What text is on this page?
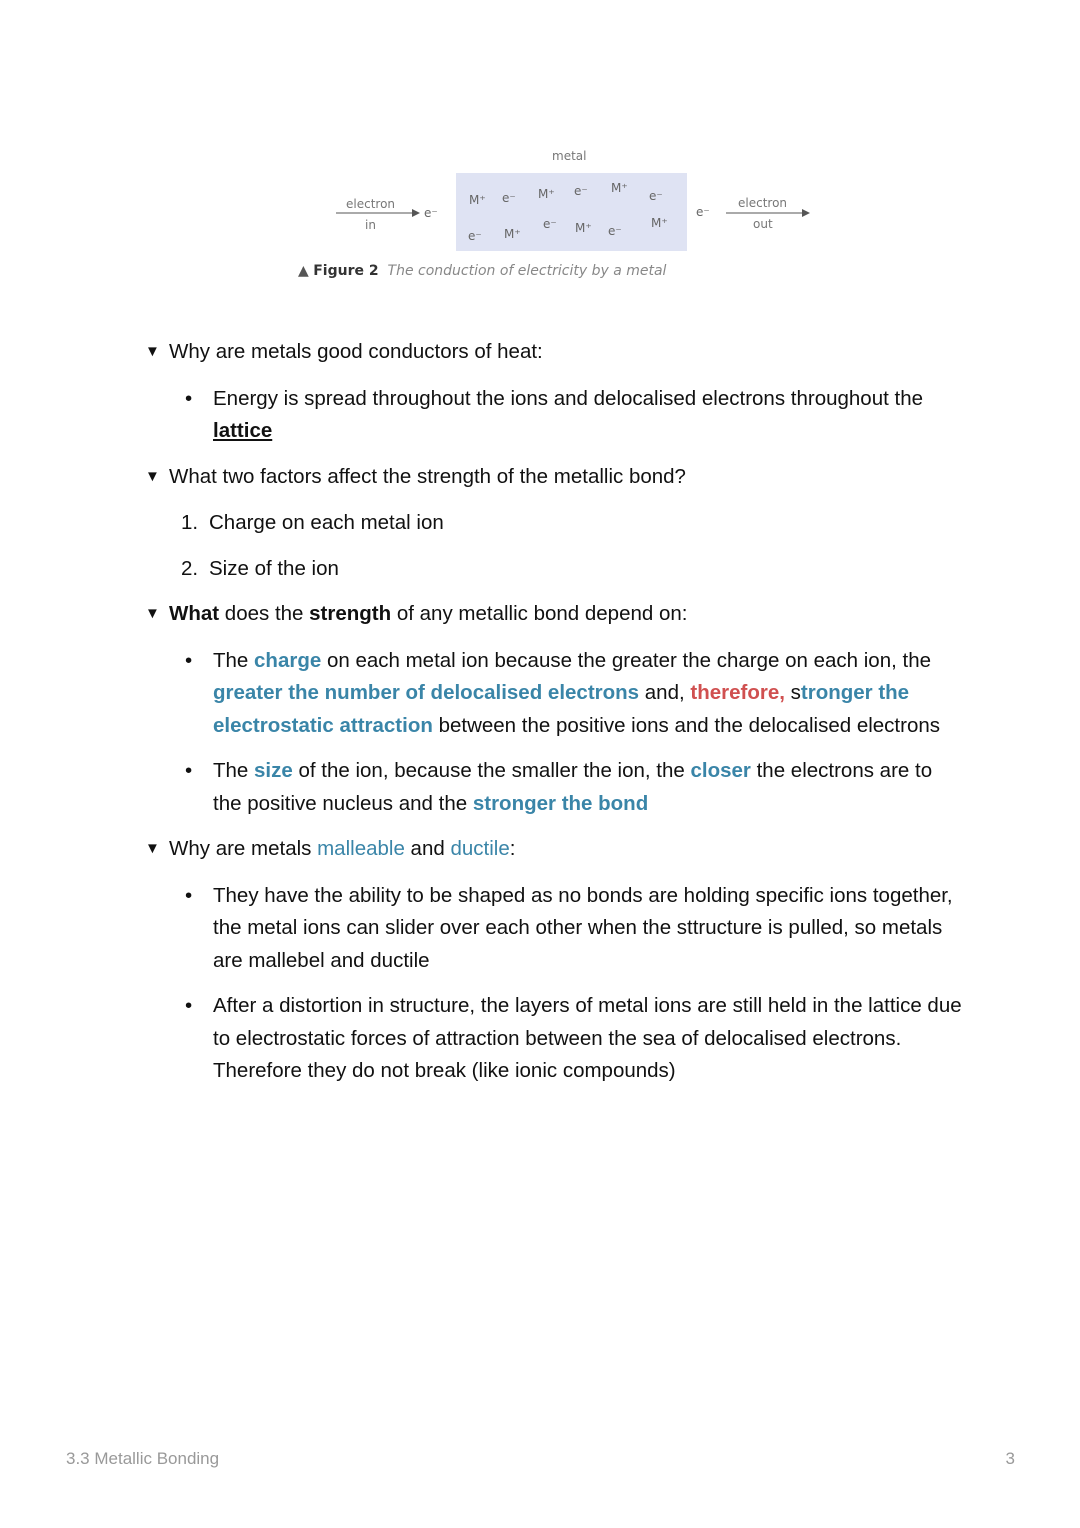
metal
electron
in
e⁻
M⁺ e⁻ M⁺ e⁻ M⁺
e⁻
e⁻ M⁺
e⁻ M⁺ e⁻
M⁺
e⁻
electron
out
▲ Figure 2 The conduction of electricity by a metal
▼ Why are metals good conductors of heat:
•	Energy is spread throughout the ions and delocalised electrons throughout the lattice
▼ What two factors affect the strength of the metallic bond?
1. Charge on each metal ion
2. Size of the ion
▼ What does the strength of any metallic bond depend on:
•	The charge on each metal ion because the greater the charge on each ion, the greater the number of delocalised electrons and, therefore, stronger the electrostatic attraction between the positive ions and the delocalised electrons
•	The size of the ion, because the smaller the ion, the closer the electrons are to the positive nucleus and the stronger the bond
▼ Why are metals malleable and ductile:
•	They have the ability to be shaped as no bonds are holding specific ions together, the metal ions can slider over each other when the sttructure is pulled, so metals are mallebel and ductile
•	After a distortion in structure, the layers of metal ions are still held in the lattice due to electrostatic forces of attraction between the sea of delocalised electrons. Therefore they do not break (like ionic compounds)
3.3 Metallic Bonding	3
